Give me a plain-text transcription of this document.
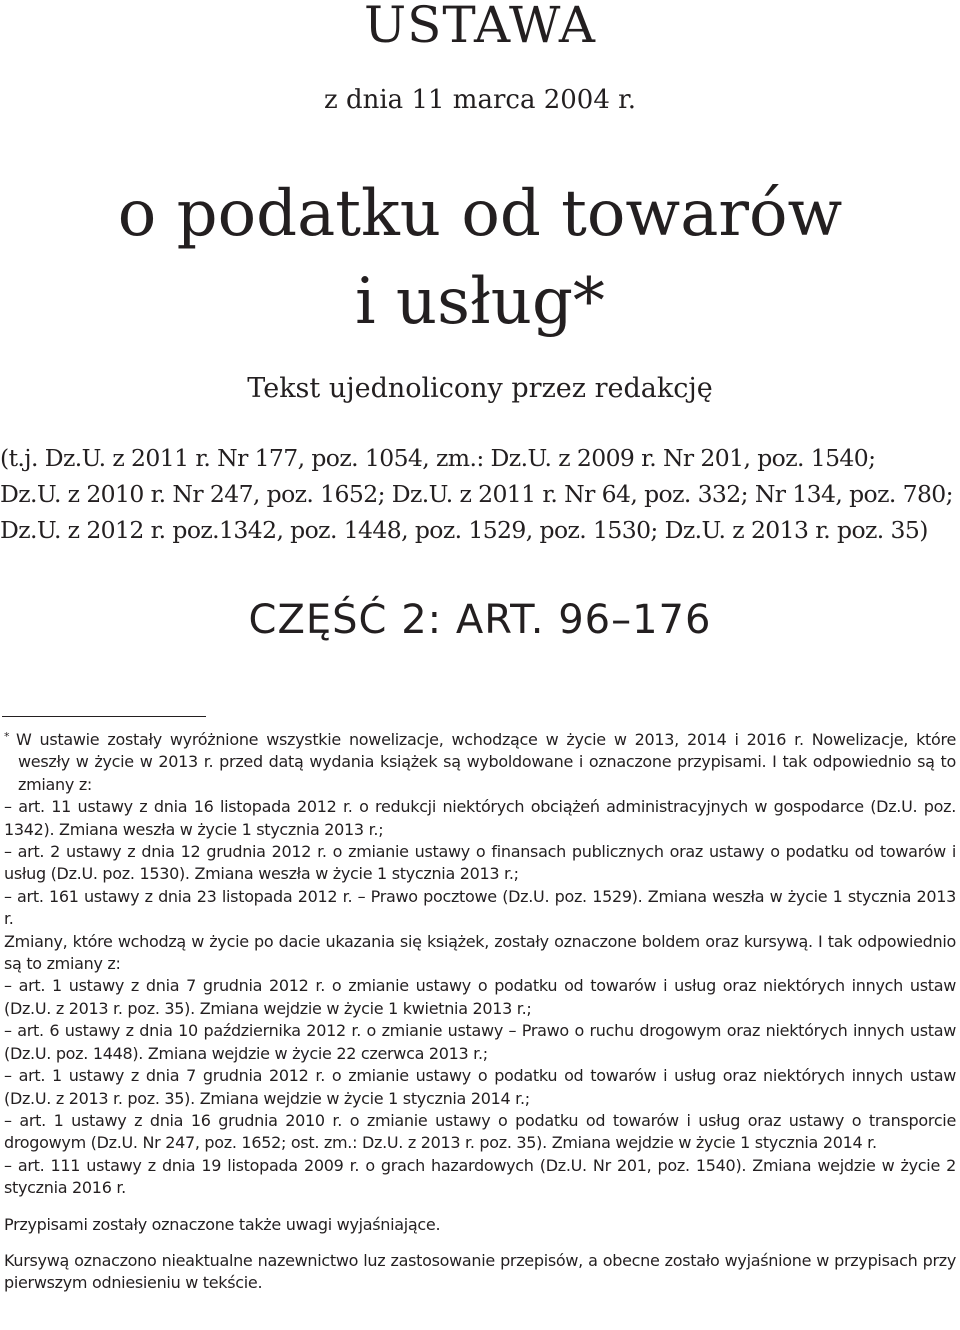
USTAWA
z dnia 11 marca 2004 r.
o podatku od towarów
i usług*
Tekst ujednolicony przez redakcję
(t.j. Dz.U. z 2011 r. Nr 177, poz. 1054, zm.: Dz.U. z 2009 r. Nr 201, poz. 1540;
Dz.U. z 2010 r. Nr 247, poz. 1652; Dz.U. z 2011 r. Nr 64, poz. 332; Nr 134, poz. 780;
Dz.U. z 2012 r. poz.1342, poz. 1448, poz. 1529, poz. 1530; Dz.U. z 2013 r. poz. 35)
CZĘŚĆ 2: ART. 96–176

* W ustawie zostały wyróżnione wszystkie nowelizacje, wchodzące w życie w 2013, 2014 i 2016 r. Nowelizacje, które weszły w życie w 2013 r. przed datą wydania książek są wyboldowane i oznaczone przypisami. I tak odpowiednio są to zmiany z:

– art. 11 ustawy z dnia 16 listopada 2012 r. o redukcji niektórych obciążeń administracyjnych w gospodarce (Dz.U. poz. 1342). Zmiana weszła w życie 1 stycznia 2013 r.;

– art. 2 ustawy z dnia 12 grudnia 2012 r. o zmianie ustawy o finansach publicznych oraz ustawy o podatku od towarów i usług (Dz.U. poz. 1530). Zmiana weszła w życie 1 stycznia 2013 r.;

– art. 161 ustawy z dnia 23 listopada 2012 r. – Prawo pocztowe (Dz.U. poz. 1529). Zmiana weszła w życie 1 stycznia 2013 r.

Zmiany, które wchodzą w życie po dacie ukazania się książek, zostały oznaczone boldem oraz kursywą. I tak odpowiednio są to zmiany z:

– art. 1 ustawy z dnia 7 grudnia 2012 r. o zmianie ustawy o podatku od towarów i usług oraz niektórych innych ustaw (Dz.U. z 2013 r. poz. 35). Zmiana wejdzie w życie 1 kwietnia 2013 r.;

– art. 6 ustawy z dnia 10 października 2012 r. o zmianie ustawy – Prawo o ruchu drogowym oraz niektórych innych ustaw (Dz.U. poz. 1448). Zmiana wejdzie w życie 22 czerwca 2013 r.;

– art. 1 ustawy z dnia 7 grudnia 2012 r. o zmianie ustawy o podatku od towarów i usług oraz niektórych innych ustaw (Dz.U. z 2013 r. poz. 35). Zmiana wejdzie w życie 1 stycznia 2014 r.;

– art. 1 ustawy z dnia 16 grudnia 2010 r. o zmianie ustawy o podatku od towarów i usług oraz ustawy o transporcie drogowym (Dz.U. Nr 247, poz. 1652; ost. zm.: Dz.U. z 2013 r. poz. 35). Zmiana wejdzie w życie 1 stycznia 2014 r.

– art. 111 ustawy z dnia 19 listopada 2009 r. o grach hazardowych (Dz.U. Nr 201, poz. 1540). Zmiana wejdzie w życie 2 stycznia 2016 r.

Przypisami zostały oznaczone także uwagi wyjaśniające.

Kursywą oznaczono nieaktualne nazewnictwo luz zastosowanie przepisów, a obecne zostało wyjaśnione w przypisach przy pierwszym odniesieniu w tekście.
